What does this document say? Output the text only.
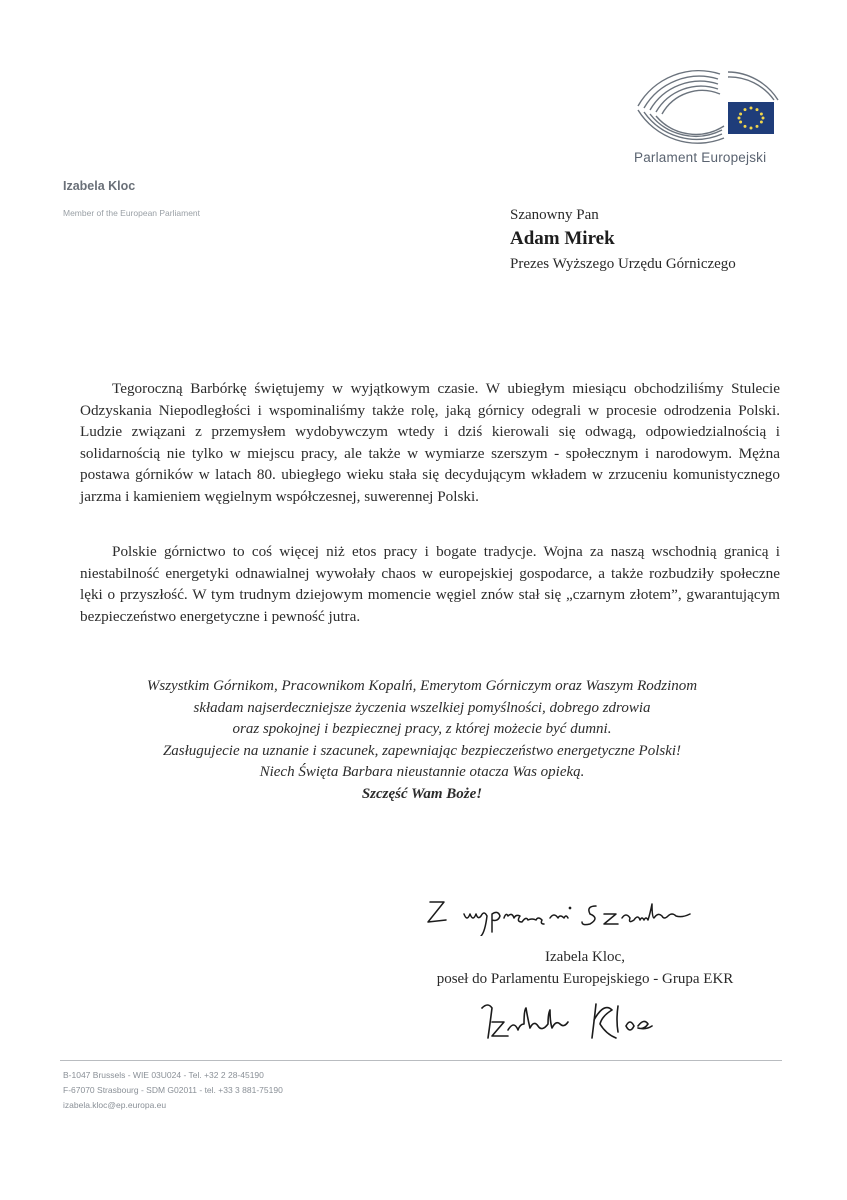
Parlament Europejski
Izabela Kloc
Member of the European Parliament	Szanowny Pan
Adam Mirek
Prezes Wyższego Urzędu Górniczego

Tegoroczną Barbórkę świętujemy w wyjątkowym czasie. W ubiegłym miesiącu obchodziliśmy Stulecie Odzyskania Niepodległości i wspominaliśmy także rolę, jaką górnicy odegrali w procesie odrodzenia Polski. Ludzie związani z przemysłem wydobywczym wtedy i dziś kierowali się odwagą, odpowiedzialnością i solidarnością nie tylko w miejscu pracy, ale także w wymiarze szerszym - społecznym i narodowym. Mężna postawa górników w latach 80. ubiegłego wieku stała się decydującym wkładem w zrzuceniu komunistycznego jarzma i kamieniem węgielnym współczesnej, suwerennej Polski.

Polskie górnictwo to coś więcej niż etos pracy i bogate tradycje. Wojna za naszą wschodnią granicą i niestabilność energetyki odnawialnej wywołały chaos w europejskiej gospodarce, a także rozbudziły społeczne lęki o przyszłość. W tym trudnym dziejowym momencie węgiel znów stał się „czarnym złotem”, gwarantującym bezpieczeństwo energetyczne i pewność jutra.

Wszystkim Górnikom, Pracownikom Kopalń, Emerytom Górniczym oraz Waszym Rodzinom
składam najserdeczniejsze życzenia wszelkiej pomyślności, dobrego zdrowia
oraz spokojnej i bezpiecznej pracy, z której możecie być dumni.
Zasługujecie na uznanie i szacunek, zapewniając bezpieczeństwo energetyczne Polski!
Niech Święta Barbara nieustannie otacza Was opieką.
Szczęść Wam Boże!
Izabela Kloc,
poseł do Parlamentu Europejskiego - Grupa EKR
B-1047 Brussels - WIE 03U024 - Tel. +32 2 28-45190
F-67070 Strasbourg - SDM G02011 - tel. +33 3 881-75190
izabela.kloc@ep.europa.eu
